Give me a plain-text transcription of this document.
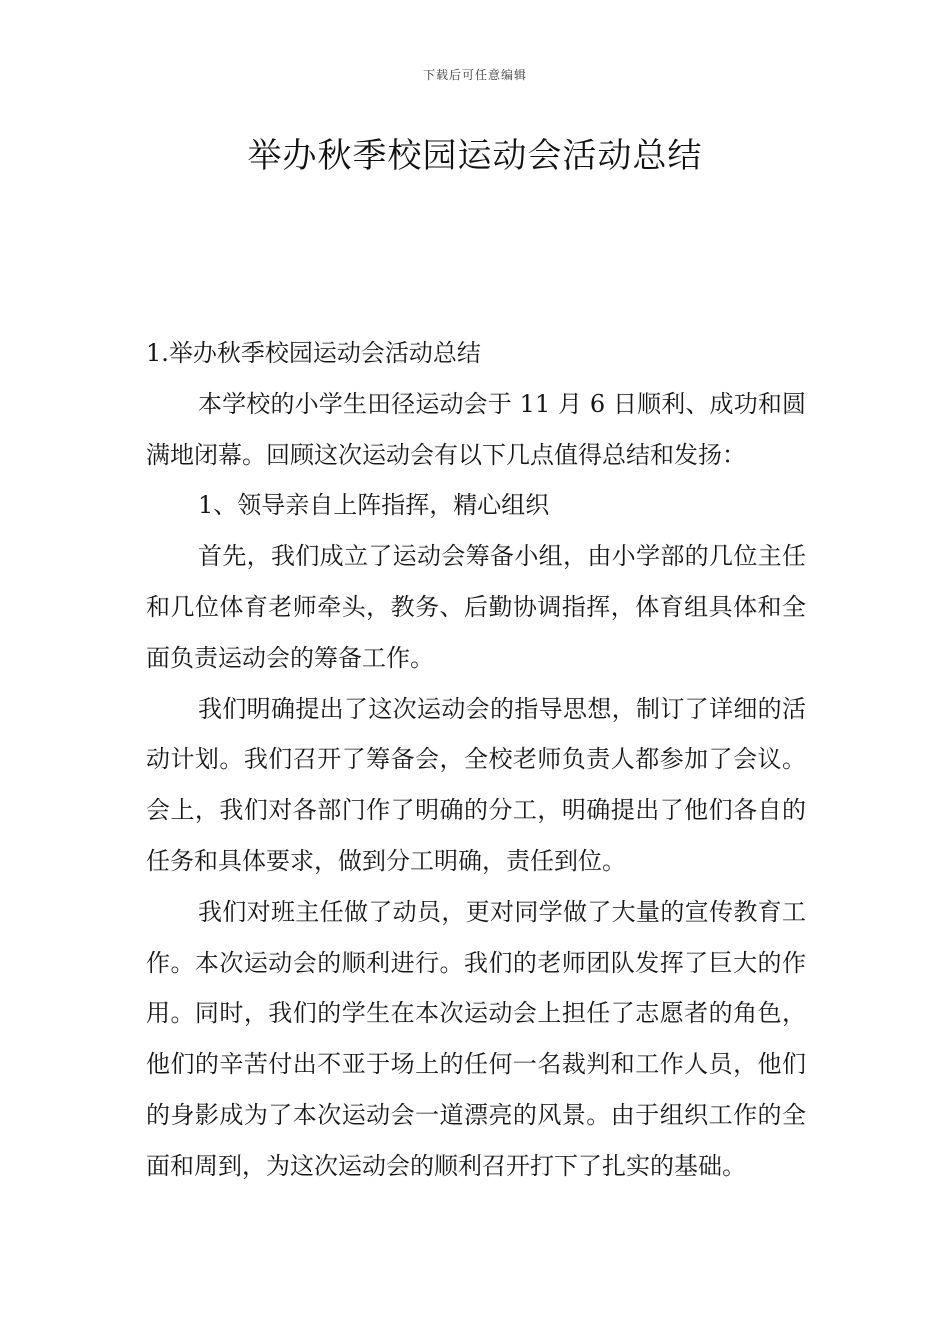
下载后可任意编辑
举办秋季校园运动会活动总结

1.举办秋季校园运动会活动总结

本学校的小学生田径运动会于 11 月 6 日顺利、成功和圆满地闭幕。回顾这次运动会有以下几点值得总结和发扬：

1、领导亲自上阵指挥，精心组织

首先，我们成立了运动会筹备小组，由小学部的几位主任和几位体育老师牵头，教务、后勤协调指挥，体育组具体和全面负责运动会的筹备工作。

我们明确提出了这次运动会的指导思想，制订了详细的活动计划。我们召开了筹备会，全校老师负责人都参加了会议。会上，我们对各部门作了明确的分工，明确提出了他们各自的任务和具体要求，做到分工明确，责任到位。

我们对班主任做了动员，更对同学做了大量的宣传教育工作。本次运动会的顺利进行。我们的老师团队发挥了巨大的作用。同时，我们的学生在本次运动会上担任了志愿者的角色，他们的辛苦付出不亚于场上的任何一名裁判和工作人员，他们的身影成为了本次运动会一道漂亮的风景。由于组织工作的全面和周到，为这次运动会的顺利召开打下了扎实的基础。
